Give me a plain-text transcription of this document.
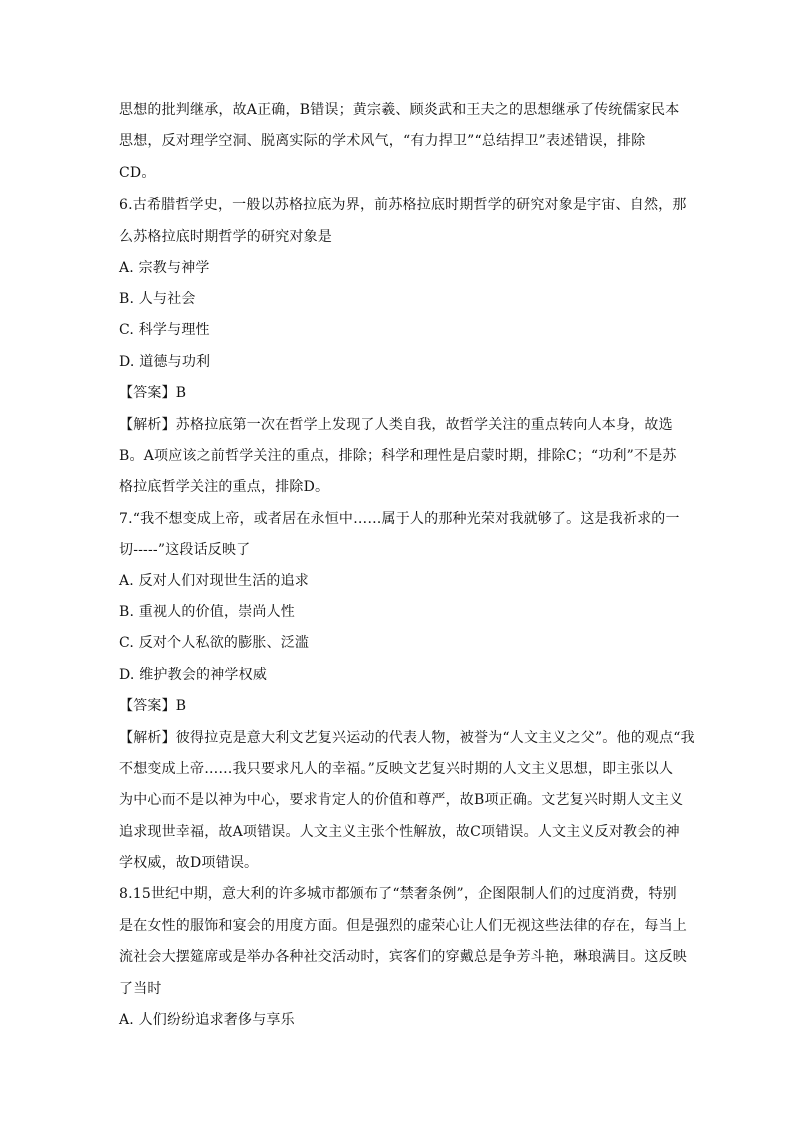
思想的批判继承，故A正确，B错误；黄宗羲、顾炎武和王夫之的思想继承了传统儒家民本
思想，反对理学空洞、脱离实际的学术风气，“有力捍卫”“总结捍卫”表述错误，排除
CD。
6.古希腊哲学史，一般以苏格拉底为界，前苏格拉底时期哲学的研究对象是宇宙、自然，那
么苏格拉底时期哲学的研究对象是
A. 宗教与神学
B. 人与社会
C. 科学与理性
D. 道德与功利
【答案】B
【解析】苏格拉底第一次在哲学上发现了人类自我，故哲学关注的重点转向人本身，故选
B。A项应该之前哲学关注的重点，排除；科学和理性是启蒙时期，排除C；“功利”不是苏
格拉底哲学关注的重点，排除D。
7.“我不想变成上帝，或者居在永恒中……属于人的那种光荣对我就够了。这是我祈求的一
切-----”这段话反映了
A. 反对人们对现世生活的追求
B. 重视人的价值，崇尚人性
C. 反对个人私欲的膨胀、泛滥
D. 维护教会的神学权威
【答案】B
【解析】彼得拉克是意大利文艺复兴运动的代表人物，被誉为“人文主义之父”。他的观点“我
不想变成上帝……我只要求凡人的幸福。”反映文艺复兴时期的人文主义思想，即主张以人
为中心而不是以神为中心，要求肯定人的价值和尊严，故B项正确。文艺复兴时期人文主义
追求现世幸福，故A项错误。人文主义主张个性解放，故C项错误。人文主义反对教会的神
学权威，故D项错误。
8.15世纪中期，意大利的许多城市都颁布了“禁奢条例”，企图限制人们的过度消费，特别
是在女性的服饰和宴会的用度方面。但是强烈的虚荣心让人们无视这些法律的存在，每当上
流社会大摆筵席或是举办各种社交活动时，宾客们的穿戴总是争芳斗艳，琳琅满目。这反映
了当时
A. 人们纷纷追求奢侈与享乐
